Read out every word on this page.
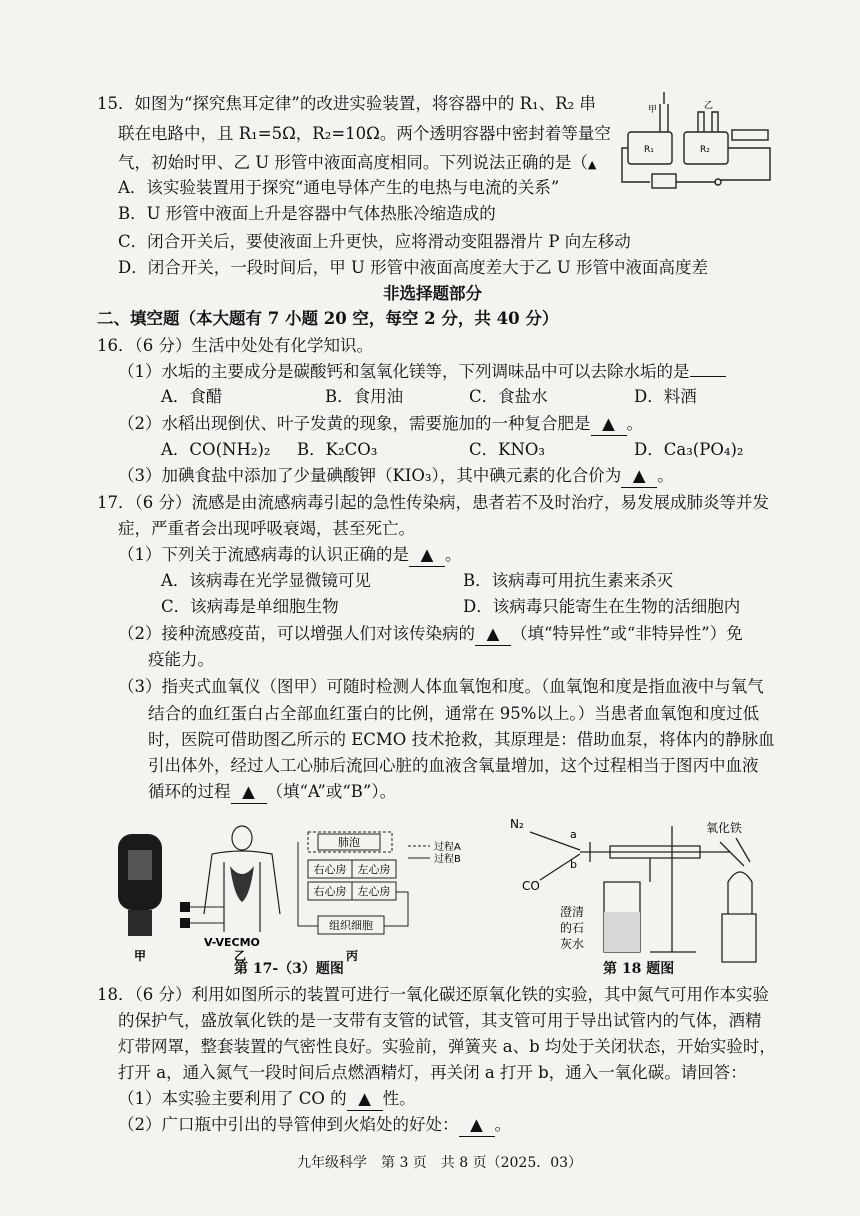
15．如图为“探究焦耳定律”的改进实验装置，将容器中的 R₁、R₂ 串
联在电路中，且 R₁=5Ω，R₂=10Ω。两个透明容器中密封着等量空
气，初始时甲、乙 U 形管中液面高度相同。下列说法正确的是（▲
A．该实验装置用于探究“通电导体产生的电热与电流的关系”
B．U 形管中液面上升是容器中气体热胀冷缩造成的
C．闭合开关后，要使液面上升更快，应将滑动变阻器滑片 P 向左移动
D．闭合开关，一段时间后，甲 U 形管中液面高度差大于乙 U 形管中液面高度差
R₁	R₂
甲	乙
非选择题部分
二、填空题（本大题有 7 小题 20 空，每空 2 分，共 40 分）
16．（6 分）生活中处处有化学知识。
（1）水垢的主要成分是碳酸钙和氢氧化镁等，下列调味品中可以去除水垢的是
A．食醋	B．食用油	C．食盐水	D．料酒
（2）水稻出现倒伏、叶子发黄的现象，需要施加的一种复合肥是 ▲ 。
A．CO(NH₂)₂ B．K₂CO₃	C．KNO₃	D．Ca₃(PO₄)₂
（3）加碘食盐中添加了少量碘酸钾（KIO₃），其中碘元素的化合价为 ▲ 。
17．（6 分）流感是由流感病毒引起的急性传染病，患者若不及时治疗，易发展成肺炎等并发
症，严重者会出现呼吸衰竭，甚至死亡。
（1）下列关于流感病毒的认识正确的是 ▲ 。
A．该病毒在光学显微镜可见	B．该病毒可用抗生素来杀灭
C．该病毒是单细胞生物	D．该病毒只能寄生在生物的活细胞内
（2）接种流感疫苗，可以增强人们对该传染病的 ▲ （填“特异性”或“非特异性”）免
疫能力。
（3）指夹式血氧仪（图甲）可随时检测人体血氧饱和度。（血氧饱和度是指血液中与氧气
结合的血红蛋白占全部血红蛋白的比例，通常在 95%以上。）当患者血氧饱和度过低
时，医院可借助图乙所示的 ECMO 技术抢救，其原理是：借助血泵，将体内的静脉血
引出体外，经过人工心肺后流回心脏的血液含氧量增加，这个过程相当于图丙中血液
循环的过程 ▲ （填“A”或“B”）。
甲
V-VECMO
乙
肺泡
右心房 左心房
右心房 左心房
组织细胞
过程A
过程B
丙
第 17-（3）题图
N₂
a
b
CO
氧化铁
澄清
的石
灰水
第 18 题图
18．（6 分）利用如图所示的装置可进行一氧化碳还原氧化铁的实验，其中氮气可用作本实验
的保护气，盛放氧化铁的是一支带有支管的试管，其支管可用于导出试管内的气体，酒精
灯带网罩，整套装置的气密性良好。实验前，弹簧夹 a、b 均处于关闭状态，开始实验时，
打开 a，通入氮气一段时间后点燃酒精灯，再关闭 a 打开 b，通入一氧化碳。请回答：
（1）本实验主要利用了 CO 的 ▲ 性。
（2）广口瓶中引出的导管伸到火焰处的好处： ▲ 。
九年级科学　第 3 页　共 8 页（2025．03）
